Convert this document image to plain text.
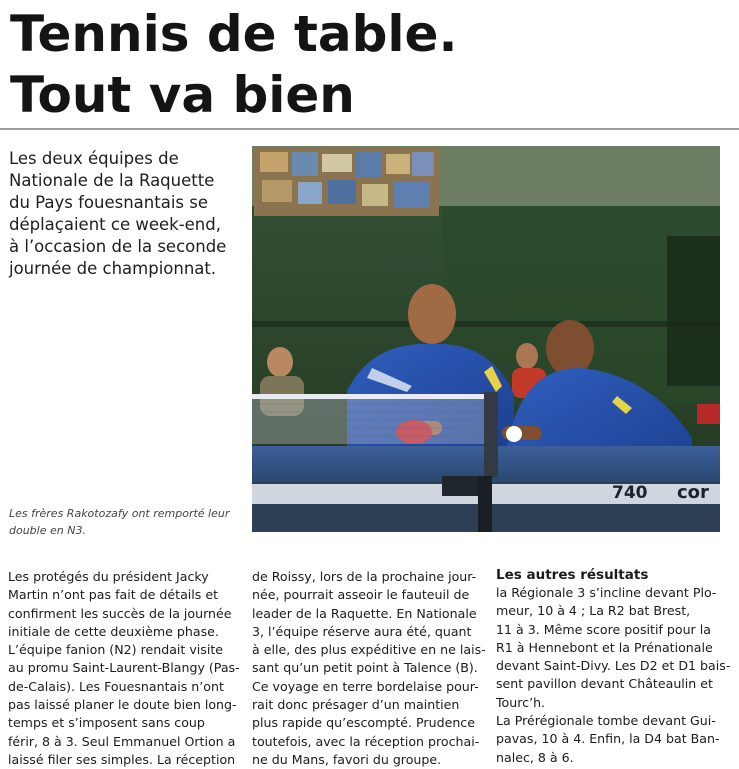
Tennis de table.
Tout va bien

Les deux équipes de
Nationale de la Raquette
du Pays fouesnantais se
déplaçaient ce week-end,
à l’occasion de la seconde
journée de championnat.

740 cor

Les frères Rakotozafy ont remporté leur
double en N3.

Les protégés du président Jacky
Martin n’ont pas fait de détails et
confirment les succès de la journée
initiale de cette deuxième phase.
L’équipe fanion (N2) rendait visite
au promu Saint-Laurent-Blangy (Pas-
de-Calais). Les Fouesnantais n’ont
pas laissé planer le doute bien long-
temps et s’imposent sans coup
férir, 8 à 3. Seul Emmanuel Ortion a
laissé filer ses simples. La réception

de Roissy, lors de la prochaine jour-
née, pourrait asseoir le fauteuil de
leader de la Raquette. En Nationale
3, l’équipe réserve aura été, quant
à elle, des plus expéditive en ne lais-
sant qu’un petit point à Talence (B).
Ce voyage en terre bordelaise pour-
rait donc présager d’un maintien
plus rapide qu’escompté. Prudence
toutefois, avec la réception prochai-
ne du Mans, favori du groupe.

Les autres résultats
la Régionale 3 s’incline devant Plo-
meur, 10 à 4 ; La R2 bat Brest,
11 à 3. Même score positif pour la
R1 à Hennebont et la Prénationale
devant Saint-Divy. Les D2 et D1 bais-
sent pavillon devant Châteaulin et
Tourc’h.
La Prérégionale tombe devant Gui-
pavas, 10 à 4. Enfin, la D4 bat Ban-
nalec, 8 à 6.
